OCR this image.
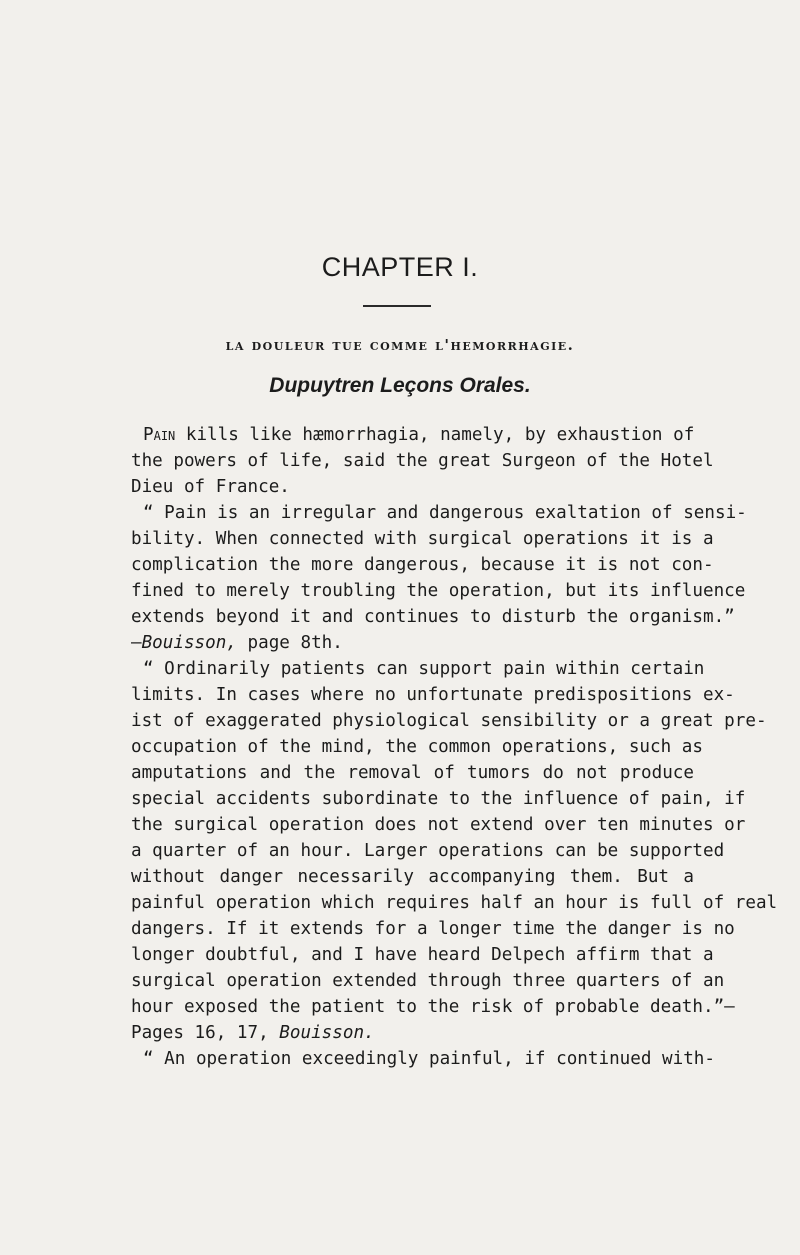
CHAPTER I.
la douleur tue comme l'hemorrhagie.
Dupuytren Leçons Orales.
Pain kills like hæmorrhagia, namely, by exhaustion of
the powers of life, said the great Surgeon of the Hotel
Dieu of France.
“ Pain is an irregular and dangerous exaltation of sensi-
bility. When connected with surgical operations it is a
complication the more dangerous, because it is not con-
fined to merely troubling the operation, but its influence
extends beyond it and continues to disturb the organism.”
—Bouisson, page 8th.
“ Ordinarily patients can support pain within certain
limits. In cases where no unfortunate predispositions ex-
ist of exaggerated physiological sensibility or a great pre-
occupation of the mind, the common operations, such as
amputations and the removal of tumors do not produce
special accidents subordinate to the influence of pain, if
the surgical operation does not extend over ten minutes or
a quarter of an hour. Larger operations can be supported
without danger necessarily accompanying them. But a
painful operation which requires half an hour is full of real
dangers. If it extends for a longer time the danger is no
longer doubtful, and I have heard Delpech affirm that a
surgical operation extended through three quarters of an
hour exposed the patient to the risk of probable death.”—
Pages 16, 17, Bouisson.
“ An operation exceedingly painful, if continued with-
